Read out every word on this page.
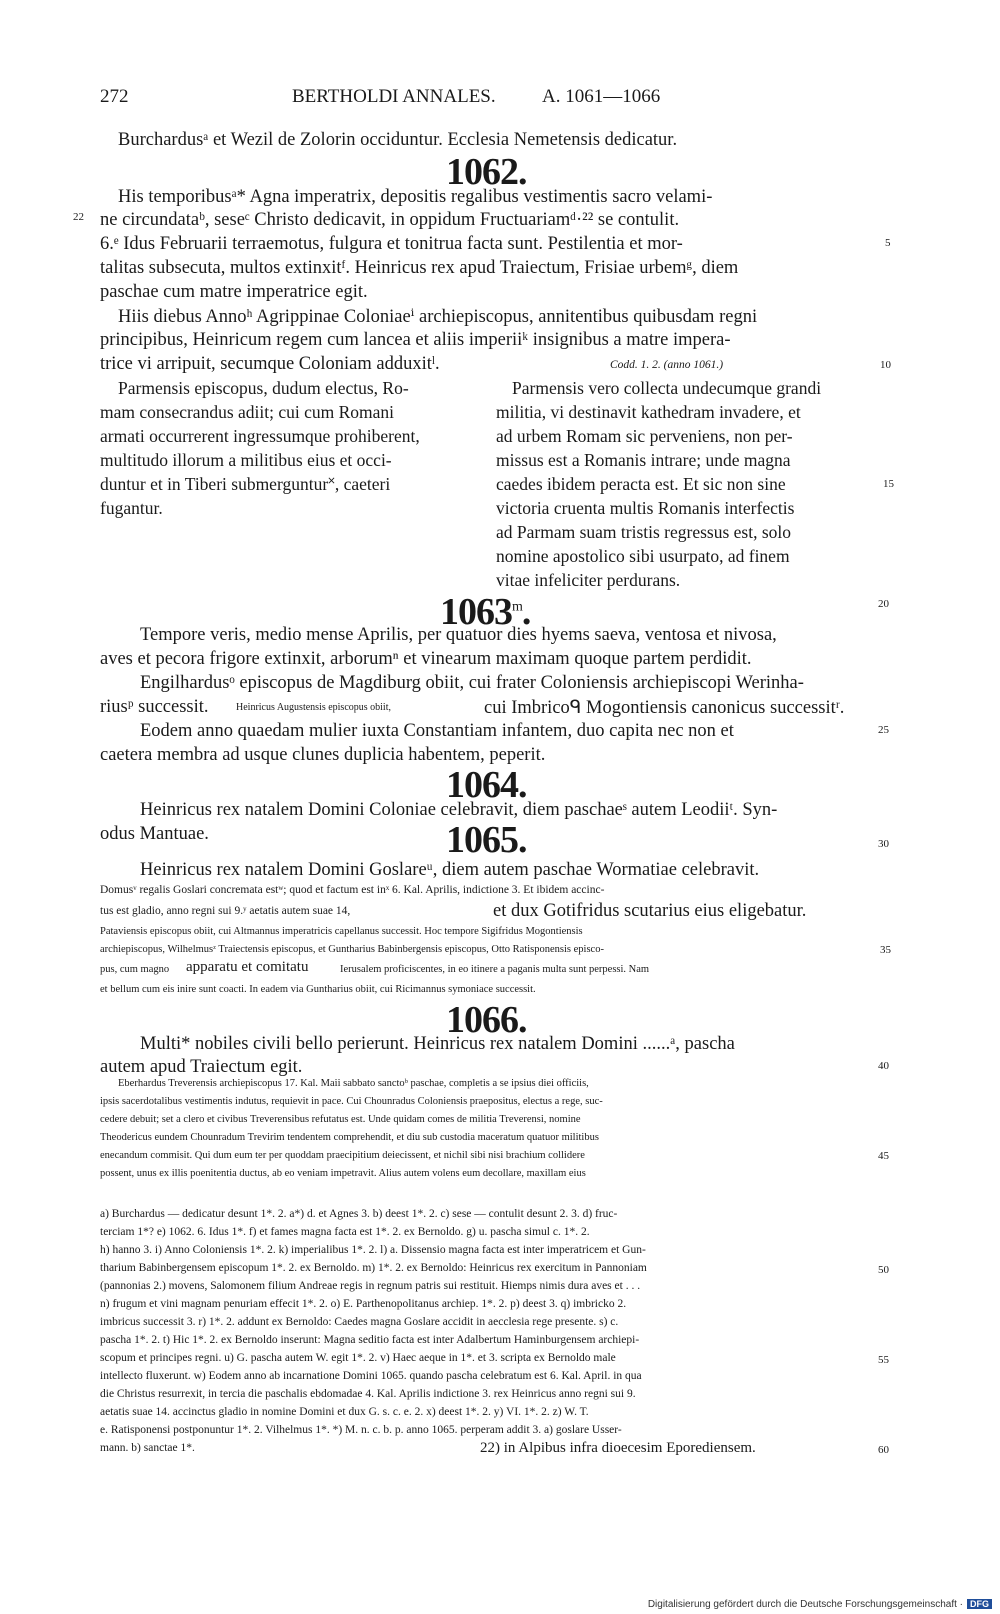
272	BERTHOLDI ANNALES. A. 1061—1066
Burchardusᵃ et Wezil de Zolorin occiduntur. Ecclesia Nemetensis dedicatur.
1062.
His temporibusᵃ* Agna imperatrix, depositis regalibus vestimentis sacro velami-
22 ne circundataᵇ, seseᶜ Christo dedicavit, in oppidum Fructuariamᵈ·²² se contulit.
6.ᵉ Idus Februarii terraemotus, fulgura et tonitrua facta sunt. Pestilentia et mor-	5
talitas subsecuta, multos extinxitᶠ. Heinricus rex apud Traiectum, Frisiae urbemᵍ, diem
paschae cum matre imperatrice egit.
Hiis diebus Annoʰ Agrippinae Coloniaeⁱ archiepiscopus, annitentibus quibusdam regni
principibus, Heinricum regem cum lancea et aliis imperiiᵏ insignibus a matre impera-
trice vi arripuit, secumque Coloniam adduxitˡ.	Codd. 1. 2. (anno 1061.)	10
Parmensis episcopus, dudum electus, Ro-
mam consecrandus adiit; cui cum Romani
armati occurrerent ingressumque prohiberent,
multitudo illorum a militibus eius et occi-
duntur et in Tiberi submerguntur˟, caeteri
fugantur.
Parmensis vero collecta undecumque grandi
militia, vi destinavit kathedram invadere, et
ad urbem Romam sic perveniens, non per-
missus est a Romanis intrare; unde magna
caedes ibidem peracta est. Et sic non sine	15
victoria cruenta multis Romanis interfectis
ad Parmam suam tristis regressus est, solo
nomine apostolico sibi usurpato, ad finem
vitae infeliciter perdurans.
1063$^m$.	20
Tempore veris, medio mense Aprilis, per quatuor dies hyems saeva, ventosa et nivosa,
aves et pecora frigore extinxit, arborumⁿ et vinearum maximam quoque partem perdidit.
Engilhardusᵒ episcopus de Magdiburg obiit, cui frater Coloniensis archiepiscopi Werinha-
riusᵖ successit.	Heinricus Augustensis episcopus obiit,	cui Imbricoᑫ Mogontiensis canonicus successitʳ.
Eodem anno quaedam mulier iuxta Constantiam infantem, duo capita nec non et	25
caetera membra ad usque clunes duplicia habentem, peperit.
1064.
Heinricus rex natalem Domini Coloniae celebravit, diem paschaeˢ autem Leodiiᵗ. Syn-
odus Mantuae.	1065.	30
Heinricus rex natalem Domini Goslareᵘ, diem autem paschae Wormatiae celebravit.
Domusᵛ regalis Goslari concremata estʷ; quod et factum est inˣ 6. Kal. Aprilis, indictione 3. Et ibidem accinc-
tus est gladio, anno regni sui 9.ʸ aetatis autem suae 14,	et dux Gotifridus scutarius eius eligebatur.
Pataviensis episcopus obiit, cui Altmannus imperatricis capellanus successit. Hoc tempore Sigifridus Mogontiensis
archiepiscopus, Wilhelmusᶻ Traiectensis episcopus, et Guntharius Babinbergensis episcopus, Otto Ratisponensis episco-	35
pus, cum magno apparatu et comitatu	Ierusalem proficiscentes, in eo itinere a paganis multa sunt perpessi. Nam
et bellum cum eis inire sunt coacti. In eadem via Guntharius obiit, cui Ricimannus symoniace successit.
1066.
Multi* nobiles civili bello perierunt. Heinricus rex natalem Domini ......ᵃ, pascha
autem apud Traiectum egit.	40
Eberhardus Treverensis archiepiscopus 17. Kal. Maii sabbato sanctoᵇ paschae, completis a se ipsius diei officiis,
ipsis sacerdotalibus vestimentis indutus, requievit in pace. Cui Chounradus Coloniensis praepositus, electus a rege, suc-
cedere debuit; set a clero et civibus Treverensibus refutatus est. Unde quidam comes de militia Treverensi, nomine
Theodericus eundem Chounradum Trevirim tendentem comprehendit, et diu sub custodia maceratum quatuor militibus
enecandum commisit. Qui dum eum ter per quoddam praecipitium deiecissent, et nichil sibi nisi brachium collidere	45
possent, unus ex illis poenitentia ductus, ab eo veniam impetravit. Alius autem volens eum decollare, maxillam eius
a) Burchardus — dedicatur desunt 1*. 2. a*) d. et Agnes 3. b) deest 1*. 2. c) sese — contulit desunt 2. 3. d) fruc-
terciam 1*? e) 1062. 6. Idus 1*. f) et fames magna facta est 1*. 2. ex Bernoldo. g) u. pascha simul c. 1*. 2.
h) hanno 3. i) Anno Coloniensis 1*. 2. k) imperialibus 1*. 2. l) a. Dissensio magna facta est inter imperatricem et Gun-
tharium Babinbergensem episcopum 1*. 2. ex Bernoldo. m) 1*. 2. ex Bernoldo: Heinricus rex exercitum in Pannoniam	50
(pannonias 2.) movens, Salomonem filium Andreae regis in regnum patris sui restituit. Hiemps nimis dura aves et . . .
n) frugum et vini magnam penuriam effecit 1*. 2. o) E. Parthenopolitanus archiep. 1*. 2. p) deest 3. q) imbricko 2.
imbricus successit 3. r) 1*. 2. addunt ex Bernoldo: Caedes magna Goslare accidit in aecclesia rege presente. s) c.
pascha 1*. 2. t) Hic 1*. 2. ex Bernoldo inserunt: Magna seditio facta est inter Adalbertum Haminburgensem archiepi-
scopum et principes regni. u) G. pascha autem W. egit 1*. 2. v) Haec aeque in 1*. et 3. scripta ex Bernoldo male	55
intellecto fluxerunt. w) Eodem anno ab incarnatione Domini 1065. quando pascha celebratum est 6. Kal. April. in qua
die Christus resurrexit, in tercia die paschalis ebdomadae 4. Kal. Aprilis indictione 3. rex Heinricus anno regni sui 9.
aetatis suae 14. accinctus gladio in nomine Domini et dux G. s. c. e. 2. x) deest 1*. 2. y) VI. 1*. 2. z) W. T.
e. Ratisponensi postponuntur 1*. 2. Vilhelmus 1*. *) M. n. c. b. p. anno 1065. perperam addit 3. a) goslare Usser-
mann. b) sanctae 1*.	22) in Alpibus infra dioecesim Eporediensem.	60
Digitalisierung gefördert durch die Deutsche Forschungsgemeinschaft · DFG
